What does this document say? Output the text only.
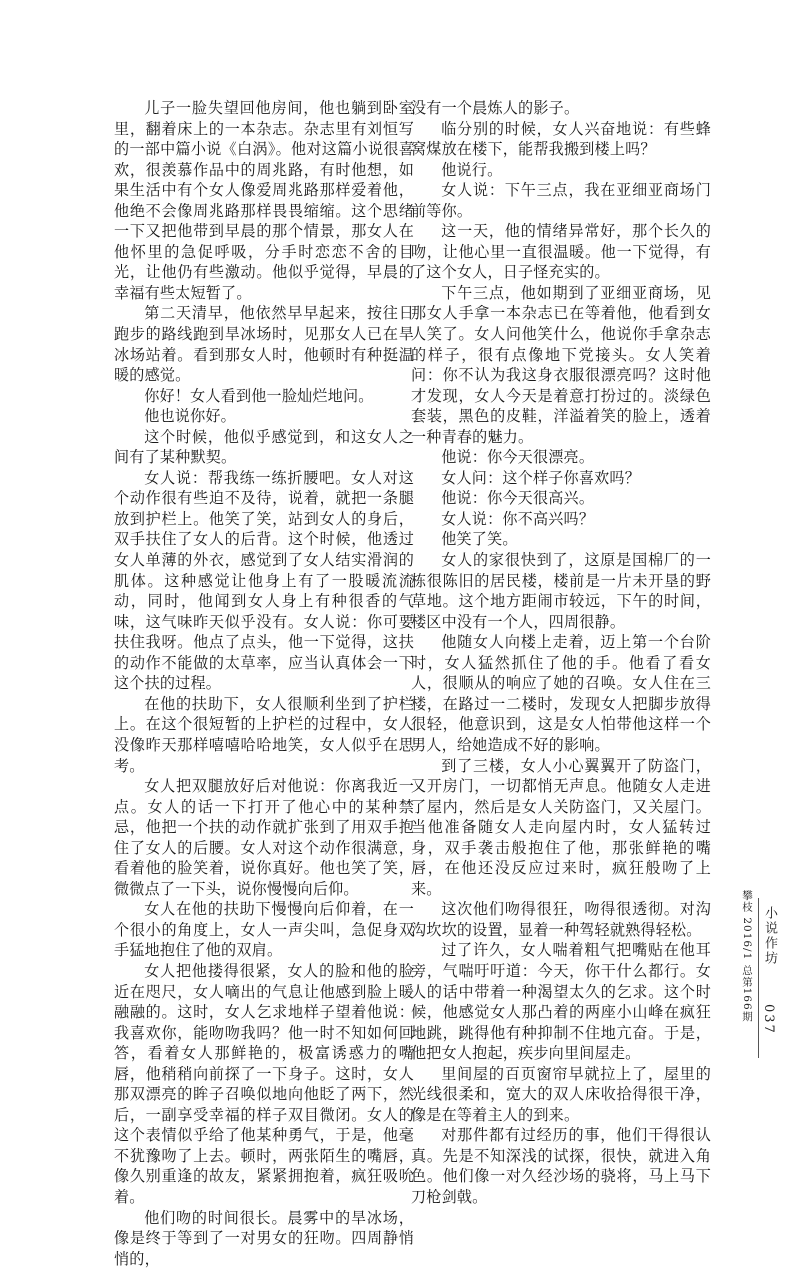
儿子一脸失望回他房间，他也躺到卧室里，翻着床上的一本杂志。杂志里有刘恒写的一部中篇小说《白涡》。他对这篇小说很喜欢，很羡慕作品中的周兆路，有时他想，如果生活中有个女人像爱周兆路那样爱着他，他绝不会像周兆路那样畏畏缩缩。这个思绪一下又把他带到早晨的那个情景，那女人在他怀里的急促呼吸，分手时恋恋不舍的目光，让他仍有些激动。他似乎觉得，早晨的幸福有些太短暂了。

第二天清早，他依然早早起来，按往日跑步的路线跑到旱冰场时，见那女人已在旱冰场站着。看到那女人时，他顿时有种挺温暖的感觉。

你好！女人看到他一脸灿烂地问。

他也说你好。

这个时候，他似乎感觉到，和这女人之间有了某种默契。

女人说：帮我练一练折腰吧。女人对这个动作很有些迫不及待，说着，就把一条腿放到护栏上。他笑了笑，站到女人的身后，双手扶住了女人的后背。这个时候，他透过女人单薄的外衣，感觉到了女人结实滑润的肌体。这种感觉让他身上有了一股暖流流动，同时，他闻到女人身上有种很香的气味，这气味昨天似乎没有。女人说：你可要扶住我呀。他点了点头，他一下觉得，这扶的动作不能做的太草率，应当认真体会一下这个扶的过程。

在他的扶助下，女人很顺利坐到了护栏上。在这个很短暂的上护栏的过程中，女人没像昨天那样嘻嘻哈哈地笑，女人似乎在思考。

女人把双腿放好后对他说：你离我近一点。女人的话一下打开了他心中的某种禁忌，他把一个扶的动作就扩张到了用双手抱住了女人的后腰。女人对这个动作很满意，看着他的脸笑着，说你真好。他也笑了笑，微微点了一下头，说你慢慢向后仰。

女人在他的扶助下慢慢向后仰着，在一个很小的角度上，女人一声尖叫，急促身双手猛地抱住了他的双肩。

女人把他搂得很紧，女人的脸和他的脸近在咫尺，女人嘀出的气息让他感到脸上暖融融的。这时，女人乞求地样子望着他说：我喜欢你，能吻吻我吗？他一时不知如何回答，看着女人那鲜艳的，极富诱惑力的嘴唇，他稍稍向前探了一下身子。这时，女人那双漂亮的眸子召唤似地向他眨了两下，然后，一副享受幸福的样子双目微闭。女人的这个表情似乎给了他某种勇气，于是，他毫不犹豫吻了上去。顿时，两张陌生的嘴唇，像久别重逢的故友，紧紧拥抱着，疯狂吸吮着。

他们吻的时间很长。晨雾中的旱冰场，像是终于等到了一对男女的狂吻。四周静悄悄的，

没有一个晨炼人的影子。

临分别的时候，女人兴奋地说：有些蜂窝煤放在楼下，能帮我搬到楼上吗？

他说行。

女人说：下午三点，我在亚细亚商场门前等你。

这一天，他的情绪异常好，那个长久的吻，让他心里一直很温暖。他一下觉得，有了这个女人，日子怪充实的。

下午三点，他如期到了亚细亚商场，见那女人手拿一本杂志已在等着他，他看到女人笑了。女人问他笑什么，他说你手拿杂志的样子，很有点像地下党接头。女人笑着问：你不认为我这身衣服很漂亮吗？这时他才发现，女人今天是着意打扮过的。淡绿色套装，黑色的皮鞋，洋溢着笑的脸上，透着一种青春的魅力。

他说：你今天很漂亮。

女人问：这个样子你喜欢吗？

他说：你今天很高兴。

女人说：你不高兴吗？

他笑了笑。

女人的家很快到了，这原是国棉厂的一栋很陈旧的居民楼，楼前是一片未开垦的野草地。这个地方距闹市较远，下午的时间，楼区中没有一个人，四周很静。

他随女人向楼上走着，迈上第一个台阶时，女人猛然抓住了他的手。他看了看女人，很顺从的响应了她的召唤。女人住在三楼，在路过一二楼时，发现女人把脚步放得很轻，他意识到，这是女人怕带他这样一个男人，给她造成不好的影响。

到了三楼，女人小心翼翼开了防盗门，又开房门，一切都悄无声息。他随女人走进了屋内，然后是女人关防盗门，又关屋门。当他准备随女人走向屋内时，女人猛转过身，双手袭击般抱住了他，那张鲜艳的嘴唇，在他还没反应过来时，疯狂般吻了上来。

这次他们吻得很狂，吻得很透彻。对沟沟坎坎的设置，显着一种驾轻就熟得轻松。

过了许久，女人喘着粗气把嘴贴在他耳旁，气喘吁吁道：今天，你干什么都行。女人的话中带着一种渴望太久的乞求。这个时候，他感觉女人那凸着的两座小山峰在疯狂地跳，跳得他有种抑制不住地亢奋。于是，他把女人抱起，疾步向里间屋走。

里间屋的百页窗帘早就拉上了，屋里的光线很柔和，宽大的双人床收拾得很干净，像是在等着主人的到来。

对那件都有过经历的事，他们干得很认真。先是不知深浅的试探，很快，就进入角色。他们像一对久经沙场的骁将，马上马下刀枪剑戟。

攀枝 2016/1 总第166期 小说作坊
037
